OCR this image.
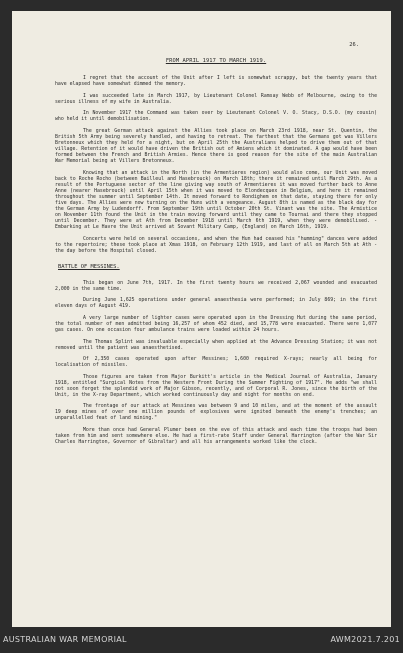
26.
FROM APRIL 1917 TO MARCH 1919.

I regret that the account of the Unit after I left is somewhat scrappy, but the twenty years that have elapsed have somewhat dimmed the memory.

I was succeeded late in March 1917, by Lieutenant Colonel Ramsay Webb of Melbourne, owing to the serious illness of my wife in Australia.

In November 1917 the Command was taken over by Lieutenant Colonel V. O. Stacy, D.S.O. (my cousin) who held it until demobilisation.

The great German attack against the Allies took place on March 23rd 1918, near St. Quentin, the British 5th Army being severely handled, and having to retreat. The farthest that the Germans got was Villers Bretonneux which they held for a night, but on April 25th the Australians helped to drive them out of that village. Retention of it would have driven the British out of Amiens which it dominated. A gap would have been formed between the French and British Armies. Hence there is good reason for the site of the main Australian War Memorial being at Villers Bretonneux.

Knowing that an attack in the North (in the Armentieres region) would also come, our Unit was moved back to Roche Rocho (between Bailleul and Hasebrouck) on March 18th; there it remained until March 29th. As a result of the Portuguese sector of the line giving way south of Armentieres it was moved further back to Anne Anne (nearer Hasebrouck) until April 15th when it was moved to Elondecquex in Belgium, and here it remained throughout the summer until September 14th. It moved forward to Rondighem on that date, staying there for only five days. The Allies were now turning on the Huns with a vengeance. August 8th is named as the black day for the German Army by Ludendorff. From September 19th until October 20th St. Vinant was the site. The Armistice on November 11th found the Unit in the train moving forward until they came to Tournai and there they stopped until December. They were at Ath from December 1918 until March 6th 1919, when they were demobilised. -Embarking at Le Havre the Unit arrived at Sovant Military Camp, (England) on March 16th, 1919.

Concerts were held on several occasions, and when the Hun had ceased his "humming" dances were added to the repertoire; these took place at Xmas 1918, on February 12th 1919, and last of all on March 5th at Ath - the day before the Hospital closed.

BATTLE OF MESSINES.

This began on June 7th, 1917. In the first twenty hours we received 2,067 wounded and evacuated 2,000 in the same time.

During June 1,625 operations under general anaesthesia were performed; in July 869; in the first eleven days of August 419.

A very large number of lighter cases were operated upon in the Dressing Hut during the same period, the total number of men admitted being 16,257 of whom 452 died, and 15,778 were evacuated. There were 1,077 gas cases. On one occasion four ambulance trains were loaded within 24 hours.

The Thomas Splint was invaluable especially when applied at the Advance Dressing Station; it was not removed until the patient was anaesthetised.

Of 2,350 cases operated upon after Messines; 1,600 required X-rays; nearly all being for localisation of missiles.

Those figures are taken from Major Burkitt's article in the Medical Journal of Australia, January 1918, entitled "Surgical Notes from the Western Front During the Summer Fighting of 1917". He adds "we shall not soon forget the splendid work of Major Gibson, recently, and of Corporal R. Jones, since the birth of the Unit, in the X-ray Department, which worked continuously day and night for months on end.

The frontage of our attack at Messines was between 9 and 10 miles, and at the moment of the assault 19 deep mines of over one million pounds of explosives were ignited beneath the enemy's trenches; an unparallelled feat of land mining."

More than once had General Plumer been on the eve of this attack and each time the troops had been taken from him and sent somewhere else. He had a first-rate Staff under General Harrington (after the War Sir Charles Harrington, Governor of Gibraltar) and all his arrangements worked like the clock.

AUSTRALIAN WAR MEMORIAL	AWM2021.7.201
